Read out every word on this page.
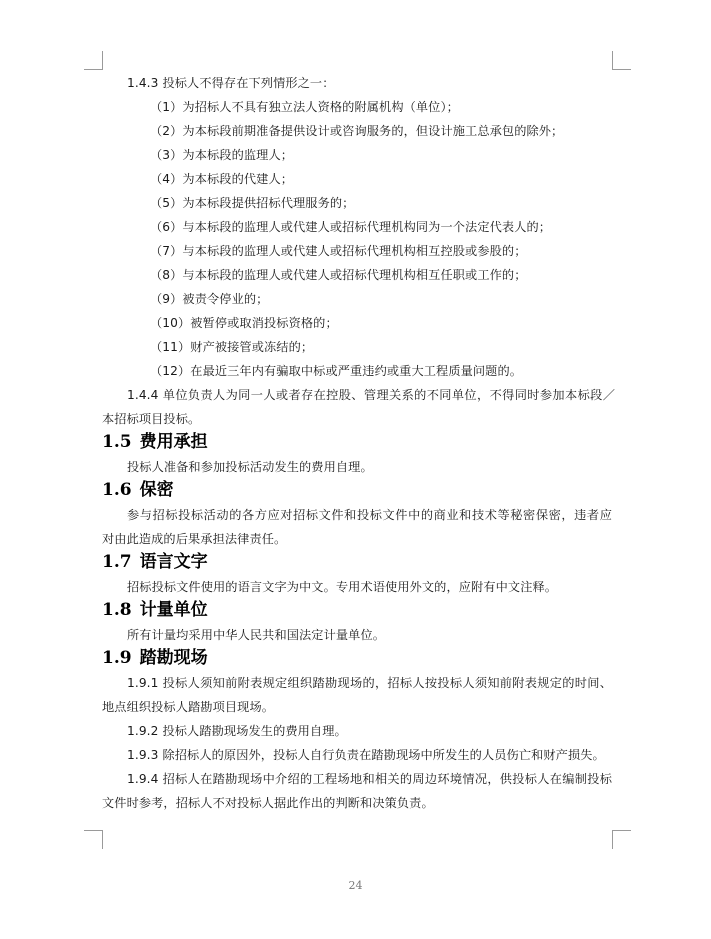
1.4.3 投标人不得存在下列情形之一：
（1）为招标人不具有独立法人资格的附属机构（单位）；
（2）为本标段前期准备提供设计或咨询服务的，但设计施工总承包的除外；
（3）为本标段的监理人；
（4）为本标段的代建人；
（5）为本标段提供招标代理服务的；
（6）与本标段的监理人或代建人或招标代理机构同为一个法定代表人的；
（7）与本标段的监理人或代建人或招标代理机构相互控股或参股的；
（8）与本标段的监理人或代建人或招标代理机构相互任职或工作的；
（9）被责令停业的；
（10）被暂停或取消投标资格的；
（11）财产被接管或冻结的；
（12）在最近三年内有骗取中标或严重违约或重大工程质量问题的。
1.4.4 单位负责人为同一人或者存在控股、管理关系的不同单位，不得同时参加本标段／
本招标项目投标。
1.5 费用承担
投标人准备和参加投标活动发生的费用自理。
1.6 保密
参与招标投标活动的各方应对招标文件和投标文件中的商业和技术等秘密保密，违者应
对由此造成的后果承担法律责任。
1.7 语言文字
招标投标文件使用的语言文字为中文。专用术语使用外文的，应附有中文注释。
1.8 计量单位
所有计量均采用中华人民共和国法定计量单位。
1.9 踏勘现场
1.9.1 投标人须知前附表规定组织踏勘现场的，招标人按投标人须知前附表规定的时间、
地点组织投标人踏勘项目现场。
1.9.2 投标人踏勘现场发生的费用自理。
1.9.3 除招标人的原因外，投标人自行负责在踏勘现场中所发生的人员伤亡和财产损失。
1.9.4 招标人在踏勘现场中介绍的工程场地和相关的周边环境情况，供投标人在编制投标
文件时参考，招标人不对投标人据此作出的判断和决策负责。
24
